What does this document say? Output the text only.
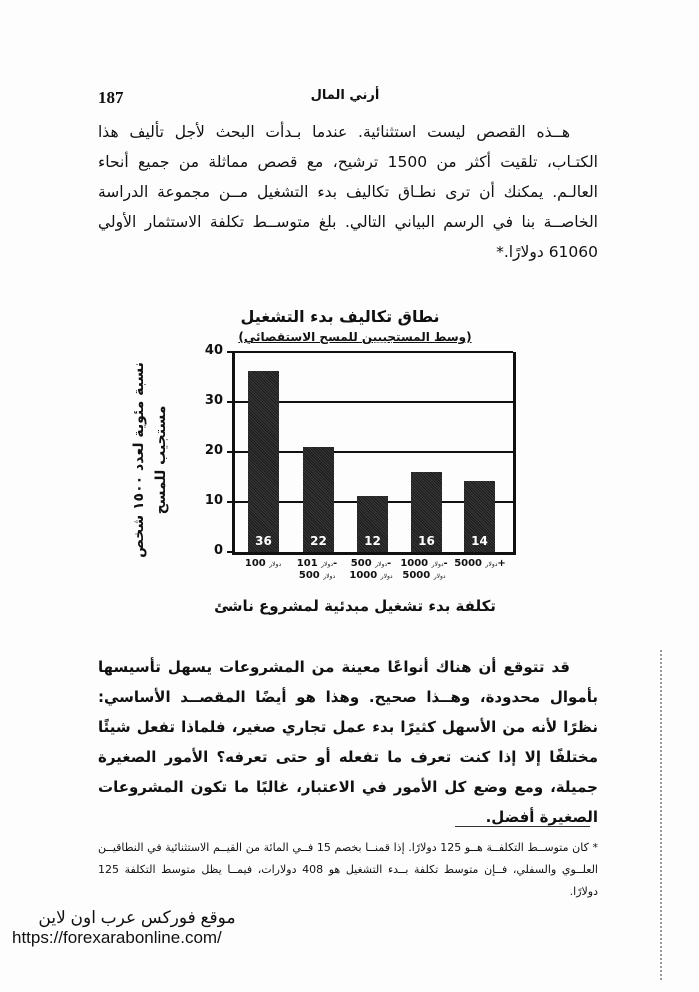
187	أرني المال

هــذه القصص ليست استثنائية. عندما بـدأت البحث لأجل تأليف هذا الكتـاب، تلقيت أكثر من 1500 ترشيح، مع قصص مماثلة من جميع أنحاء العالـم. يمكنك أن ترى نطـاق تكاليف بدء التشغيل مــن مجموعة الدراسة الخاصــة بنا في الرسم البياني التالي. بلغ متوســط تكلفة الاستثمار الأولي 61060 دولارًا.*

نطاق تكاليف بدء التشغيل
(وسط المستجيبين للمسح الاستقصائي)
نسبة مئوية لعدد ١٥٠٠ شخص مستجيب للمسح
40
30
20
10
0
36	22	12	16	14
دولار 100	دولار 101-
دولار 500
دولار 500-
دولار 1000
دولار 1000-
دولار 5000
دولار 5000+
تكلفة بدء تشغيل مبدئية لمشروع ناشئ

قد تتوقع أن هناك أنواعًا معينة من المشروعات يسهل تأسيسها بأموال محدودة، وهــذا صحيح. وهذا هو أيضًا المقصــد الأساسي: نظرًا لأنه من الأسهل كثيرًا بدء عمل تجاري صغير، فلماذا تفعل شيئًا مختلفًا إلا إذا كنت تعرف ما تفعله أو حتى تعرفه؟ الأمور الصغيرة جميلة، ومع وضع كل الأمور في الاعتبار، غالبًا ما تكون المشروعات الصغيرة أفضل.

* كان متوســط التكلفــة هــو 125 دولارًا. إذا قمنــا بخصم 15 فــي المائة من القيــم الاستثنائية في النطاقيــن العلــوي والسفلي، فــإن متوسط تكلفة بــدء التشغيل هو 408 دولارات، فيمــا يظل متوسط التكلفة 125 دولارًا.

موقع فوركس عرب اون لاين
https://forexarabonline.com/
